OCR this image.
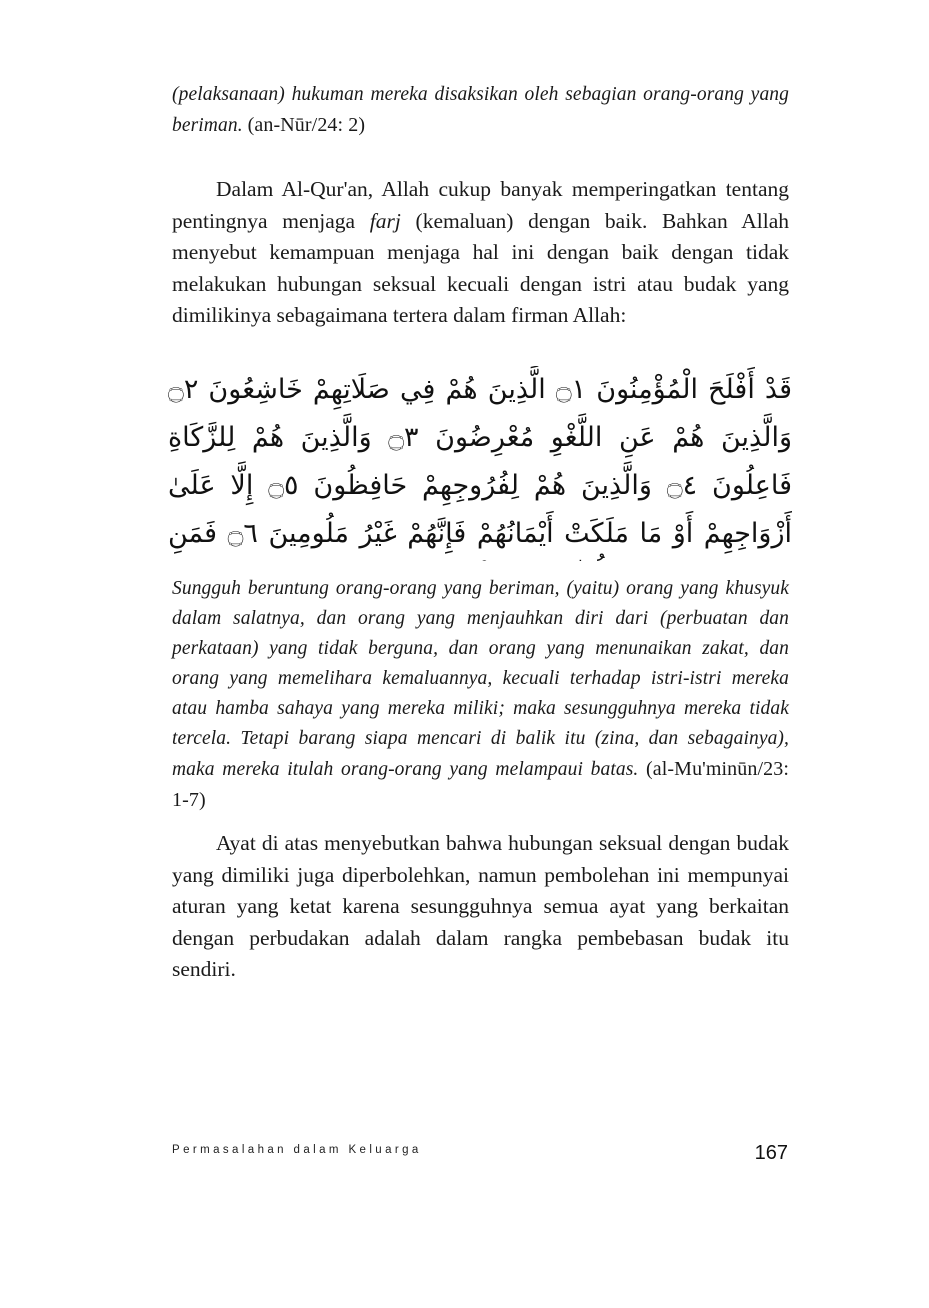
(pelaksanaan) hukuman mereka disaksikan oleh sebagian orang-orang yang beriman. (an-Nūr/24: 2)

Dalam Al-Qur'an, Allah cukup banyak memperingatkan tentang pentingnya menjaga farj (kemaluan) dengan baik. Bahkan Allah menyebut kemampuan menjaga hal ini dengan baik dengan tidak melakukan hubungan seksual kecuali dengan istri atau budak yang dimilikinya sebagaimana tertera dalam firman Allah:

قَدْ أَفْلَحَ الْمُؤْمِنُونَ ۝١ الَّذِينَ هُمْ فِي صَلَاتِهِمْ خَاشِعُونَ ۝٢ وَالَّذِينَ هُمْ عَنِ اللَّغْوِ مُعْرِضُونَ ۝٣ وَالَّذِينَ هُمْ لِلزَّكَاةِ فَاعِلُونَ ۝٤ وَالَّذِينَ هُمْ لِفُرُوجِهِمْ حَافِظُونَ ۝٥ إِلَّا عَلَىٰ أَزْوَاجِهِمْ أَوْ مَا مَلَكَتْ أَيْمَانُهُمْ فَإِنَّهُمْ غَيْرُ مَلُومِينَ ۝٦ فَمَنِ

Sungguh beruntung orang-orang yang beriman, (yaitu) orang yang khusyuk dalam salatnya, dan orang yang menjauhkan diri dari (perbuatan dan perkataan) yang tidak berguna, dan orang yang menunaikan zakat, dan orang yang memelihara kemaluannya, kecuali terhadap istri-istri mereka atau hamba sahaya yang mereka miliki; maka sesungguhnya mereka tidak tercela. Tetapi barang siapa mencari di balik itu (zina, dan sebagainya), maka mereka itulah orang-orang yang melampaui batas. (al-Mu'minūn/23: 1-7)

Ayat di atas menyebutkan bahwa hubungan seksual dengan budak yang dimiliki juga diperbolehkan, namun pembolehan ini mempunyai aturan yang ketat karena sesungguhnya semua ayat yang berkaitan dengan perbudakan adalah dalam rangka pembebasan budak itu sendiri.

Permasalahan dalam Keluarga	167
